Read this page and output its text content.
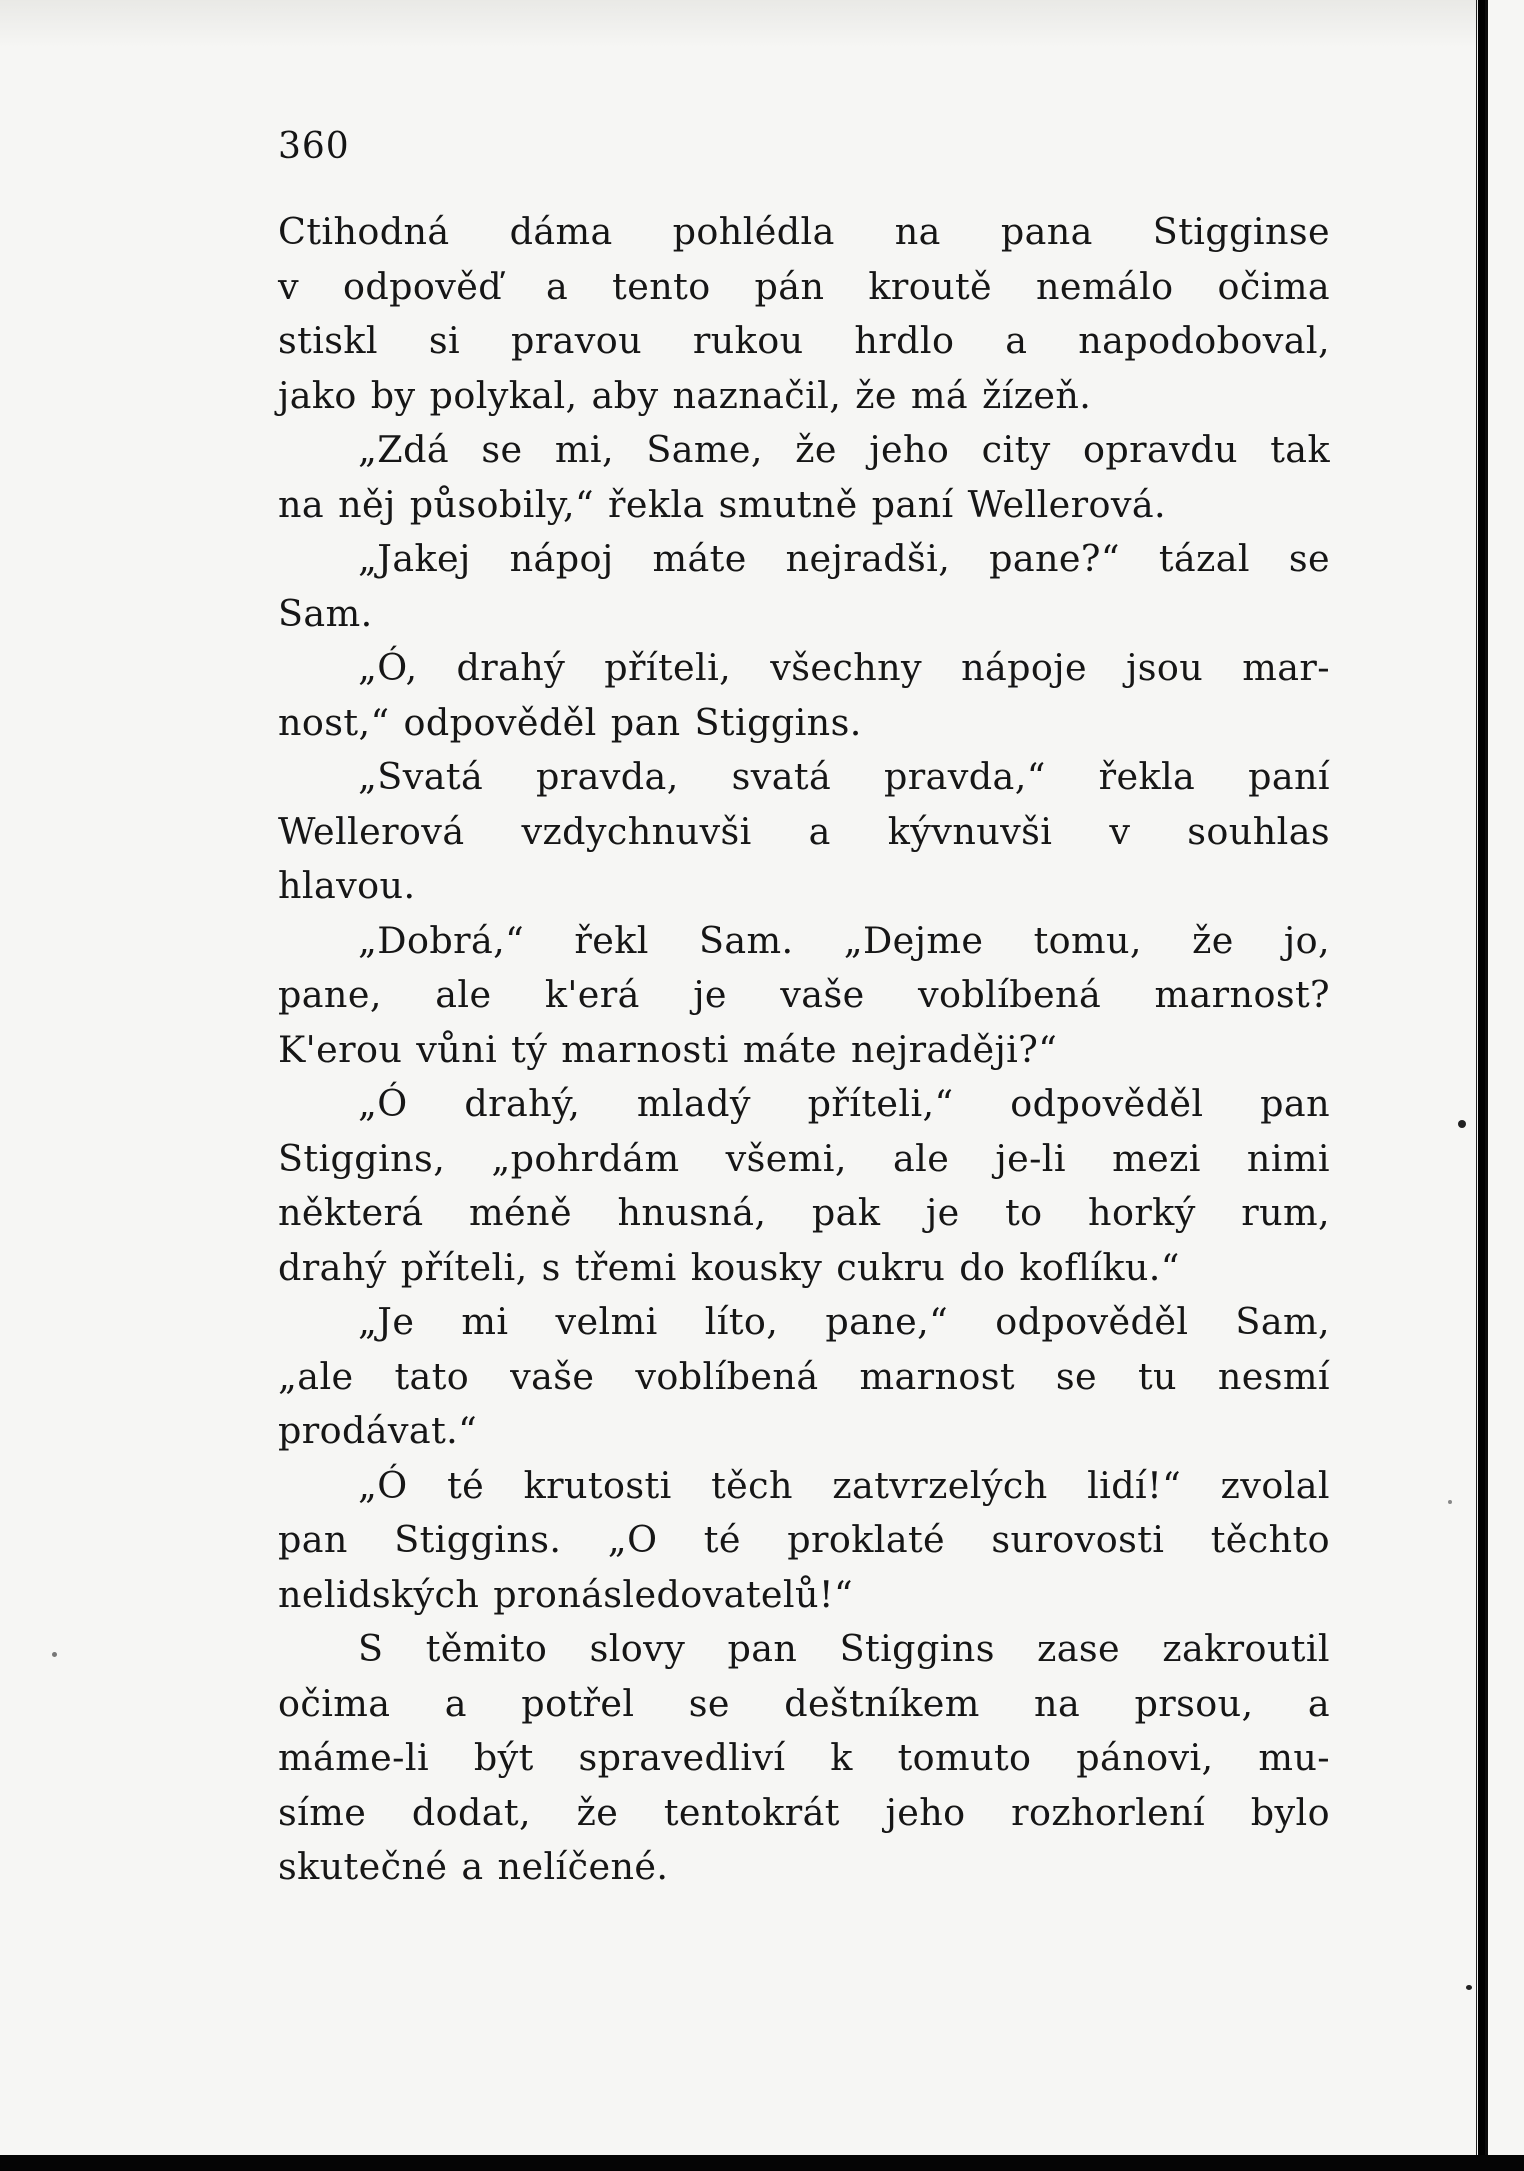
360
Ctihodná dáma pohlédla na pana Stigginse
v odpověď a tento pán kroutě nemálo očima
stiskl si pravou rukou hrdlo a napodoboval,
jako by polykal, aby naznačil, že má žízeň.
„Zdá se mi, Same, že jeho city opravdu tak
na něj působily,“ řekla smutně paní Wellerová.
„Jakej nápoj máte nejradši, pane?“ tázal se
Sam.
„Ó, drahý příteli, všechny nápoje jsou mar-
nost,“ odpověděl pan Stiggins.
„Svatá pravda, svatá pravda,“ řekla paní
Wellerová vzdychnuvši a kývnuvši v souhlas
hlavou.
„Dobrá,“ řekl Sam. „Dejme tomu, že jo,
pane, ale k'erá je vaše voblíbená marnost?
K'erou vůni tý marnosti máte nejraději?“
„Ó drahý, mladý příteli,“ odpověděl pan
Stiggins, „pohrdám všemi, ale je-li mezi nimi
některá méně hnusná, pak je to horký rum,
drahý příteli, s třemi kousky cukru do koflíku.“
„Je mi velmi líto, pane,“ odpověděl Sam,
„ale tato vaše voblíbená marnost se tu nesmí
prodávat.“
„Ó té krutosti těch zatvrzelých lidí!“ zvolal
pan Stiggins. „O té proklaté surovosti těchto
nelidských pronásledovatelů!“
S těmito slovy pan Stiggins zase zakroutil
očima a potřel se deštníkem na prsou, a
máme-li být spravedliví k tomuto pánovi, mu-
síme dodat, že tentokrát jeho rozhorlení bylo
skutečné a nelíčené.
